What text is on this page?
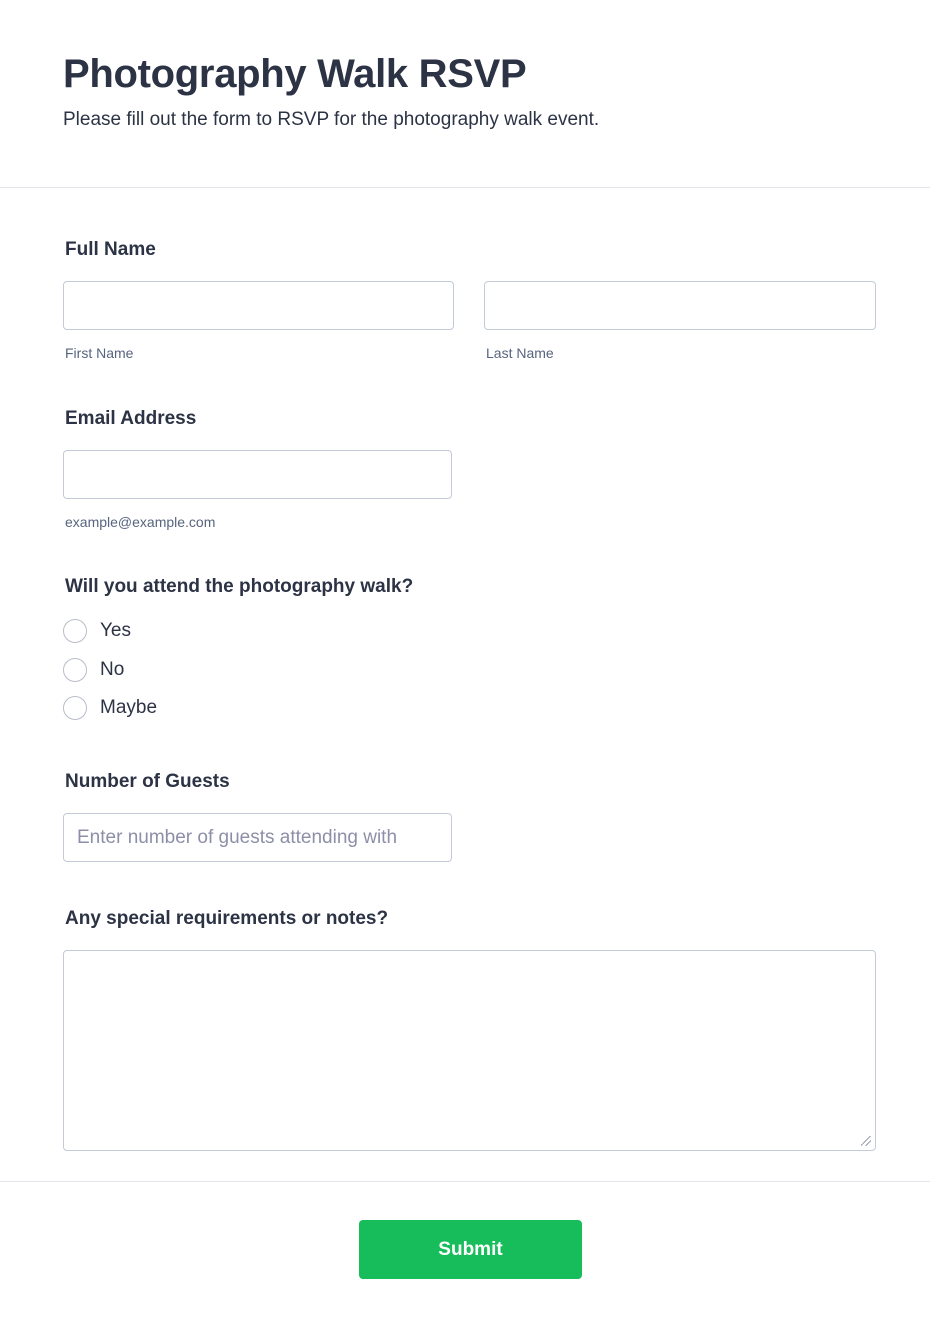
Photography Walk RSVP

Please fill out the form to RSVP for the photography walk event.

Full Name
First Name	Last Name
Email Address
example@example.com
Will you attend the photography walk?
Yes
No
Maybe
Number of Guests
Enter number of guests attending with
Any special requirements or notes?
Submit
